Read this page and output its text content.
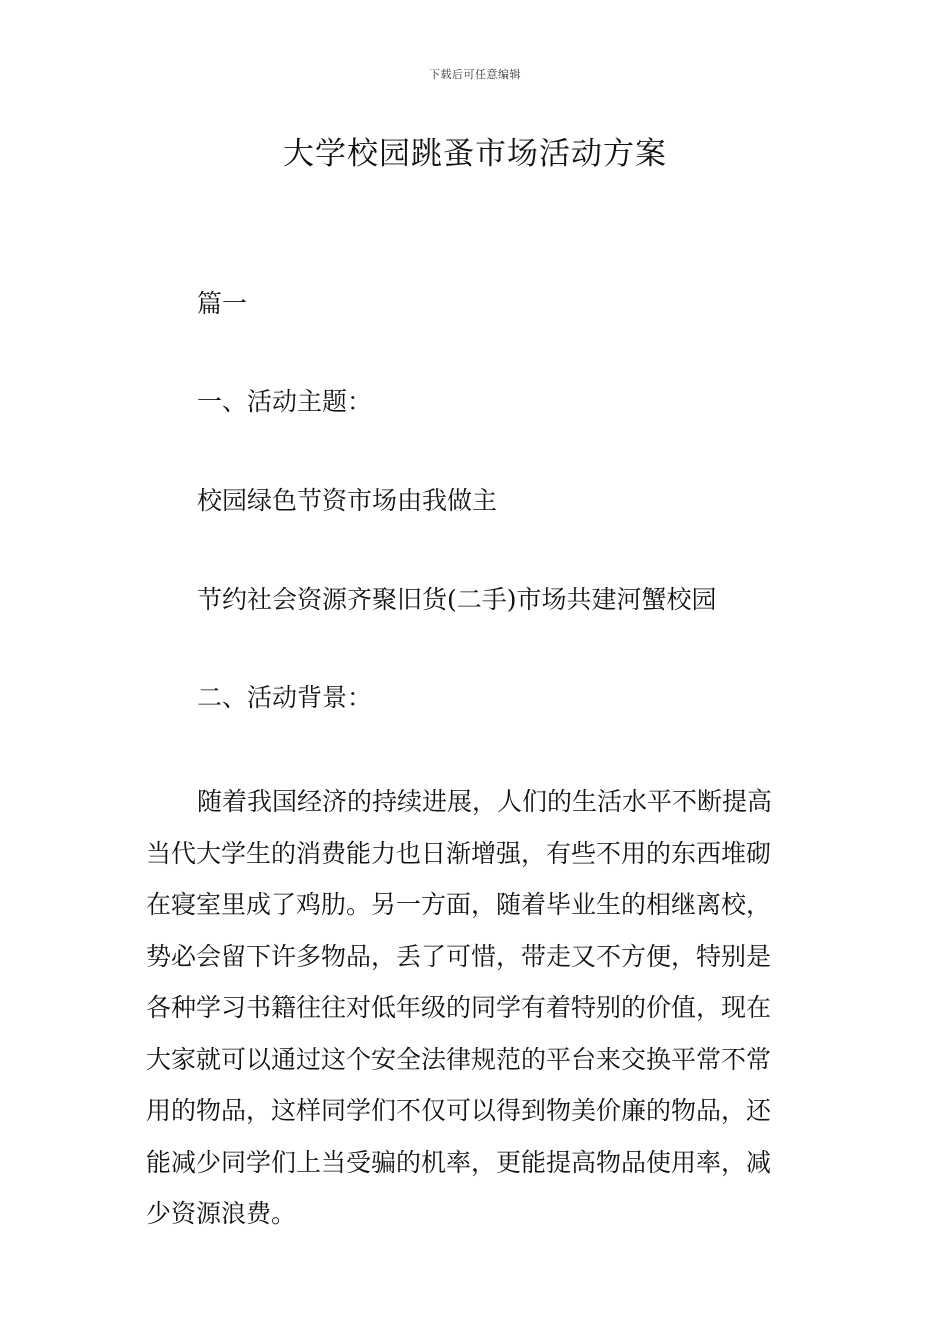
下载后可任意编辑
大学校园跳蚤市场活动方案

篇一

一、活动主题：

校园绿色节资市场由我做主

节约社会资源齐聚旧货(二手)市场共建河蟹校园

二、活动背景：

随着我国经济的持续进展，人们的生活水平不断提高
当代大学生的消费能力也日渐增强，有些不用的东西堆砌
在寝室里成了鸡肋。另一方面，随着毕业生的相继离校，
势必会留下许多物品，丢了可惜，带走又不方便，特别是
各种学习书籍往往对低年级的同学有着特别的价值，现在
大家就可以通过这个安全法律规范的平台来交换平常不常
用的物品，这样同学们不仅可以得到物美价廉的物品，还
能减少同学们上当受骗的机率，更能提高物品使用率，减
少资源浪费。
